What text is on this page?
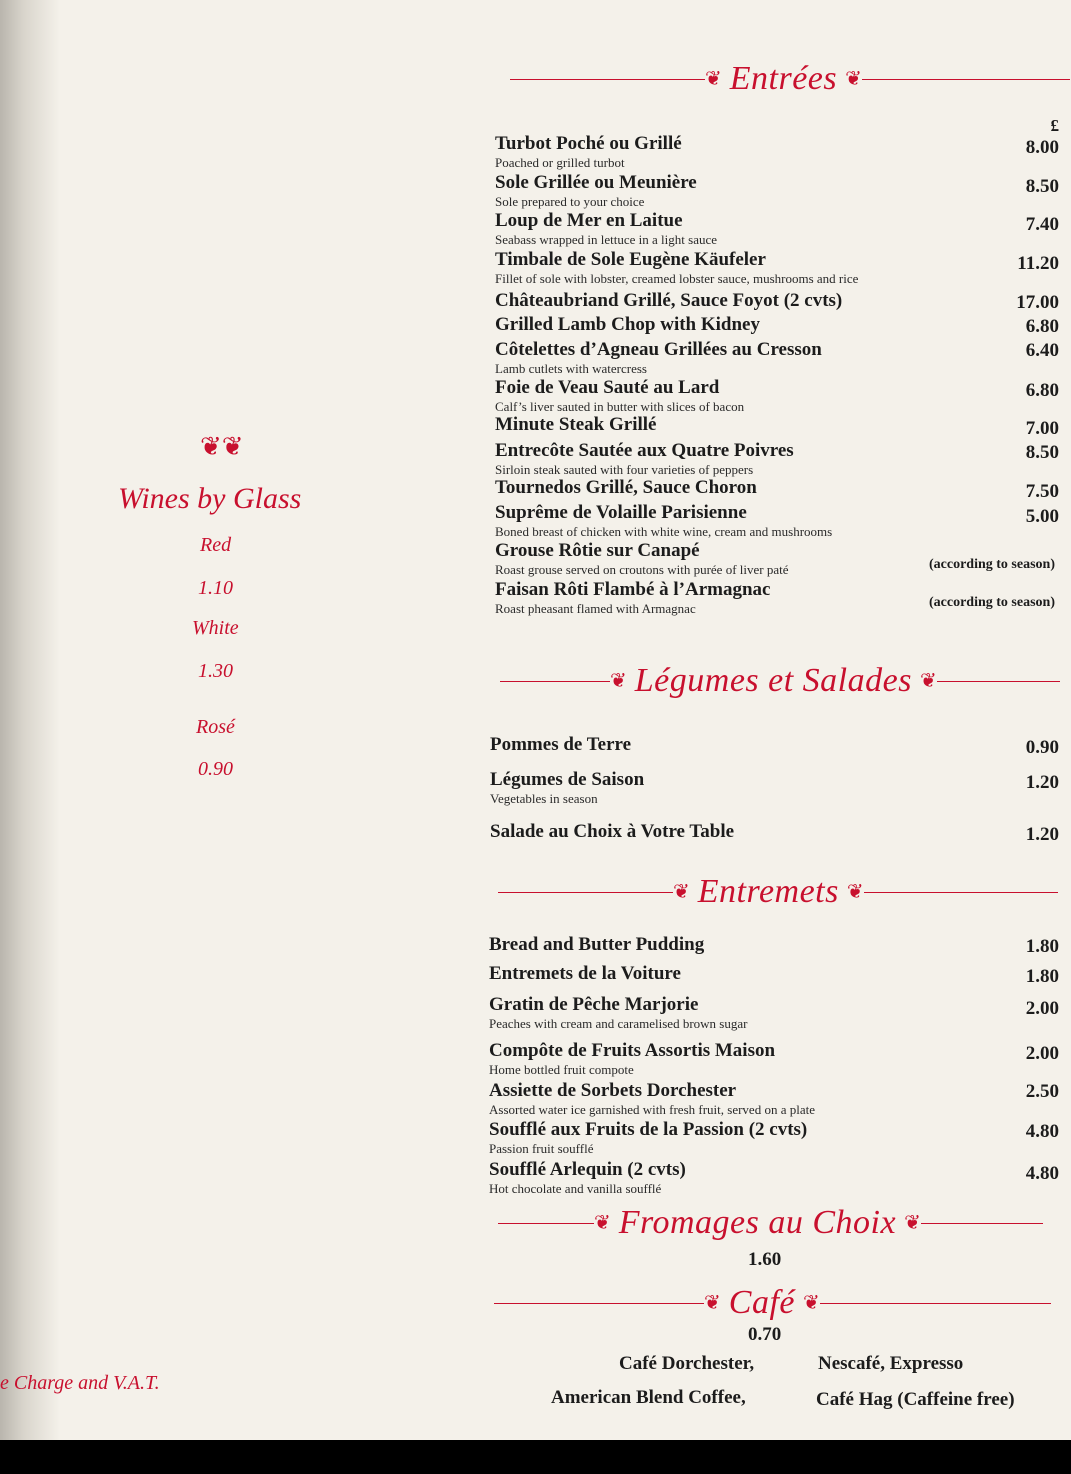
❦❦
Wines by Glass
Red
1.10
White
1.30
Rosé
0.90
e Charge and V.A.T.
❦ Entrées ❦
£
Turbot Poché ou Grillé
Poached or grilled turbot
8.00
Sole Grillée ou Meunière
Sole prepared to your choice
8.50
Loup de Mer en Laitue
Seabass wrapped in lettuce in a light sauce
7.40
Timbale de Sole Eugène Käufeler
Fillet of sole with lobster, creamed lobster sauce, mushrooms and rice
11.20
Châteaubriand Grillé, Sauce Foyot (2 cvts)	17.00
Grilled Lamb Chop with Kidney	6.80
Côtelettes d’Agneau Grillées au Cresson
Lamb cutlets with watercress
6.40
Foie de Veau Sauté au Lard
Calf’s liver sauted in butter with slices of bacon
6.80
Minute Steak Grillé	7.00
Entrecôte Sautée aux Quatre Poivres
Sirloin steak sauted with four varieties of peppers
8.50
Tournedos Grillé, Sauce Choron	7.50
Suprême de Volaille Parisienne
Boned breast of chicken with white wine, cream and mushrooms
5.00
Grouse Rôtie sur Canapé
Roast grouse served on croutons with purée of liver paté	(according to season)
Faisan Rôti Flambé à l’Armagnac
Roast pheasant flamed with Armagnac	(according to season)
❦ Légumes et Salades ❦
Pommes de Terre	0.90
Légumes de Saison
Vegetables in season
1.20
Salade au Choix à Votre Table	1.20
❦ Entremets ❦
Bread and Butter Pudding	1.80
Entremets de la Voiture	1.80
Gratin de Pêche Marjorie
Peaches with cream and caramelised brown sugar
2.00
Compôte de Fruits Assortis Maison
Home bottled fruit compote
2.00
Assiette de Sorbets Dorchester
Assorted water ice garnished with fresh fruit, served on a plate
2.50
Soufflé aux Fruits de la Passion (2 cvts)
Passion fruit soufflé
4.80
Soufflé Arlequin (2 cvts)
Hot chocolate and vanilla soufflé
4.80
❦ Fromages au Choix ❦
1.60
❦ Café ❦
0.70
Café Dorchester,	Nescafé, Expresso
American Blend Coffee,	Café Hag (Caffeine free)
